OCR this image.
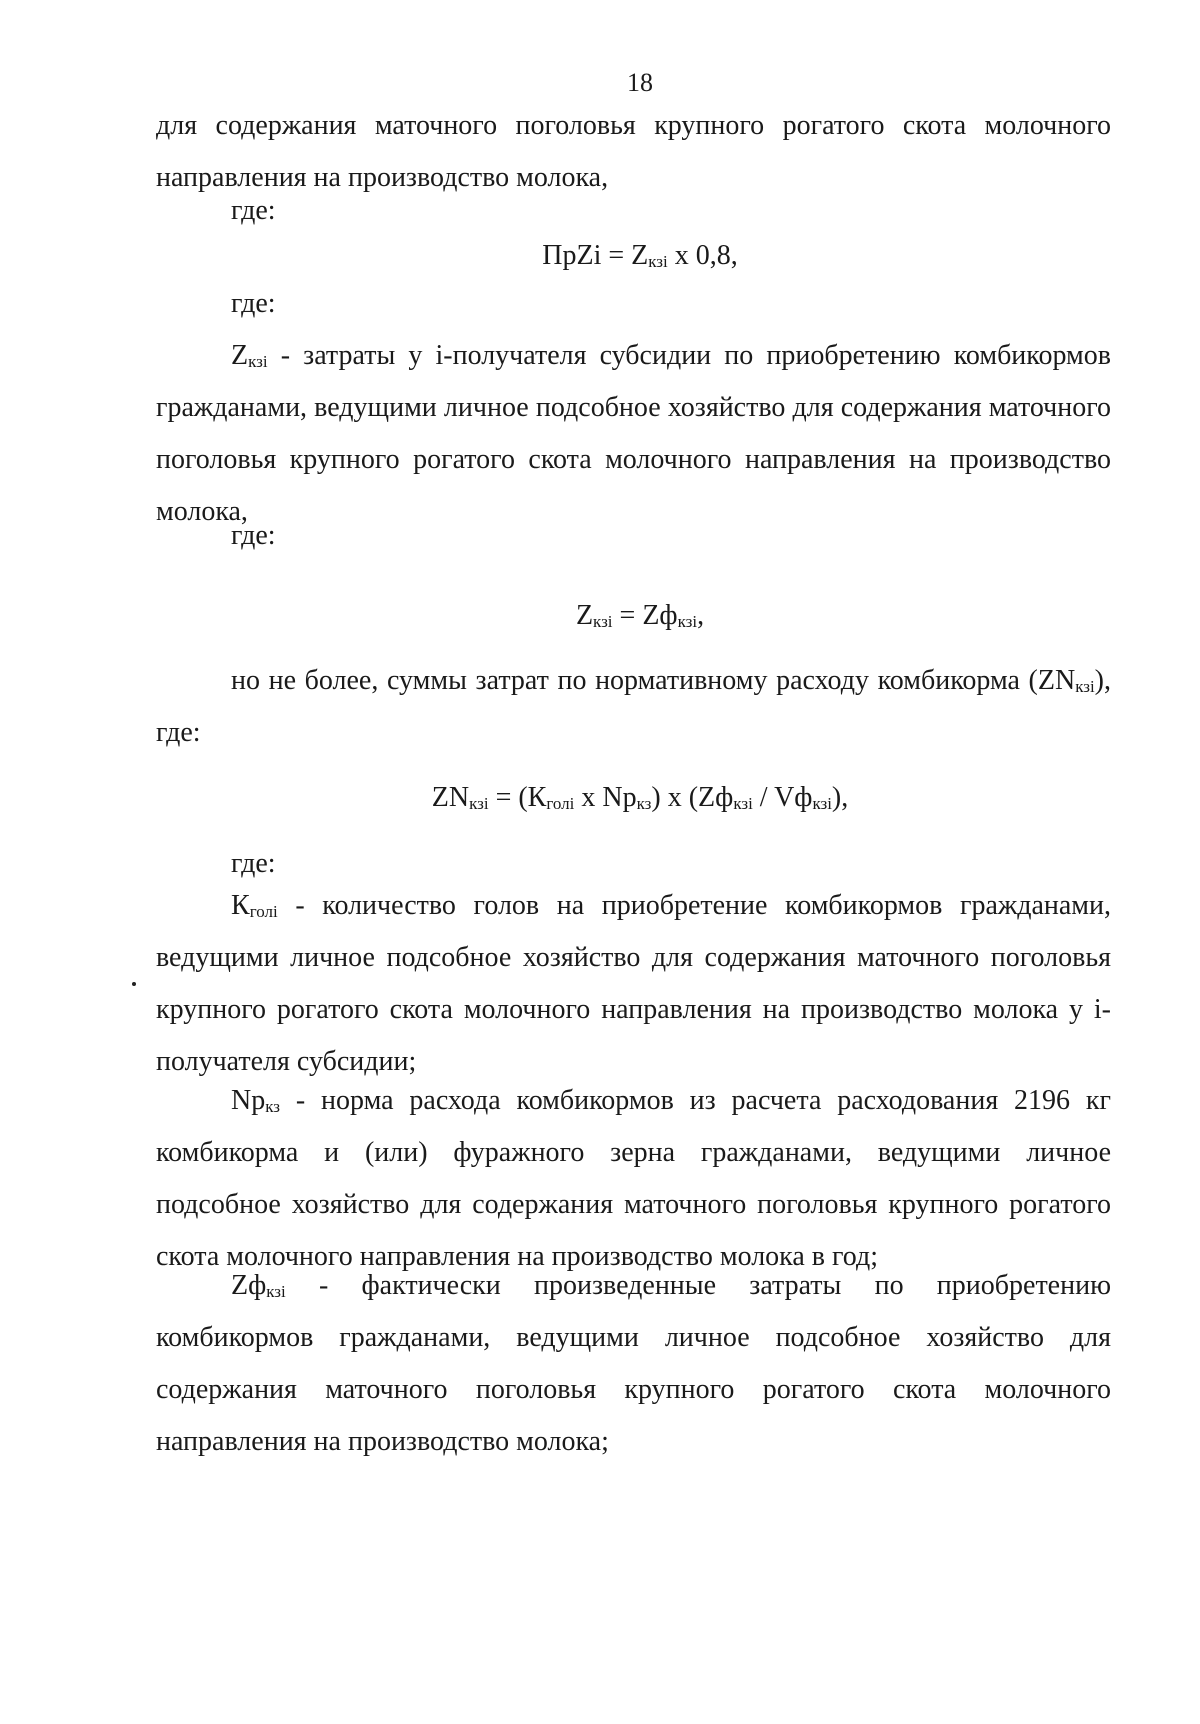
18
для содержания маточного поголовья крупного рогатого скота молочного направления на производство молока,
где:
ПрZi = $Z_{кзi}$ х 0,8,
где:
$Z_{кзi}$ - затраты у i-получателя субсидии по приобретению комбикормов гражданами, ведущими личное подсобное хозяйство для содержания маточного поголовья крупного рогатого скота молочного направления на производство молока,
где:
$Z_{кзi} = Zф_{кзi}$,
но не более, суммы затрат по нормативному расходу комбикорма $(ZN_{кзi})$, где:
$ZN_{кзi} = (К_{голi}$ х $Np_{кз}$) х $(Zф_{кзi} / Vф_{кзi})$,
где:
$К_{голi}$ - количество голов на приобретение комбикормов гражданами, ведущими личное подсобное хозяйство для содержания маточного поголовья крупного рогатого скота молочного направления на производство молока у i-получателя субсидии;
$Np_{кз}$ - норма расхода комбикормов из расчета расходования 2196 кг комбикорма и (или) фуражного зерна гражданами, ведущими личное подсобное хозяйство для содержания маточного поголовья крупного рогатого скота молочного направления на производство молока в год;
$Zф_{кзi}$ - фактически произведенные затраты по приобретению комбикормов гражданами, ведущими личное подсобное хозяйство для содержания маточного поголовья крупного рогатого скота молочного направления на производство молока;
